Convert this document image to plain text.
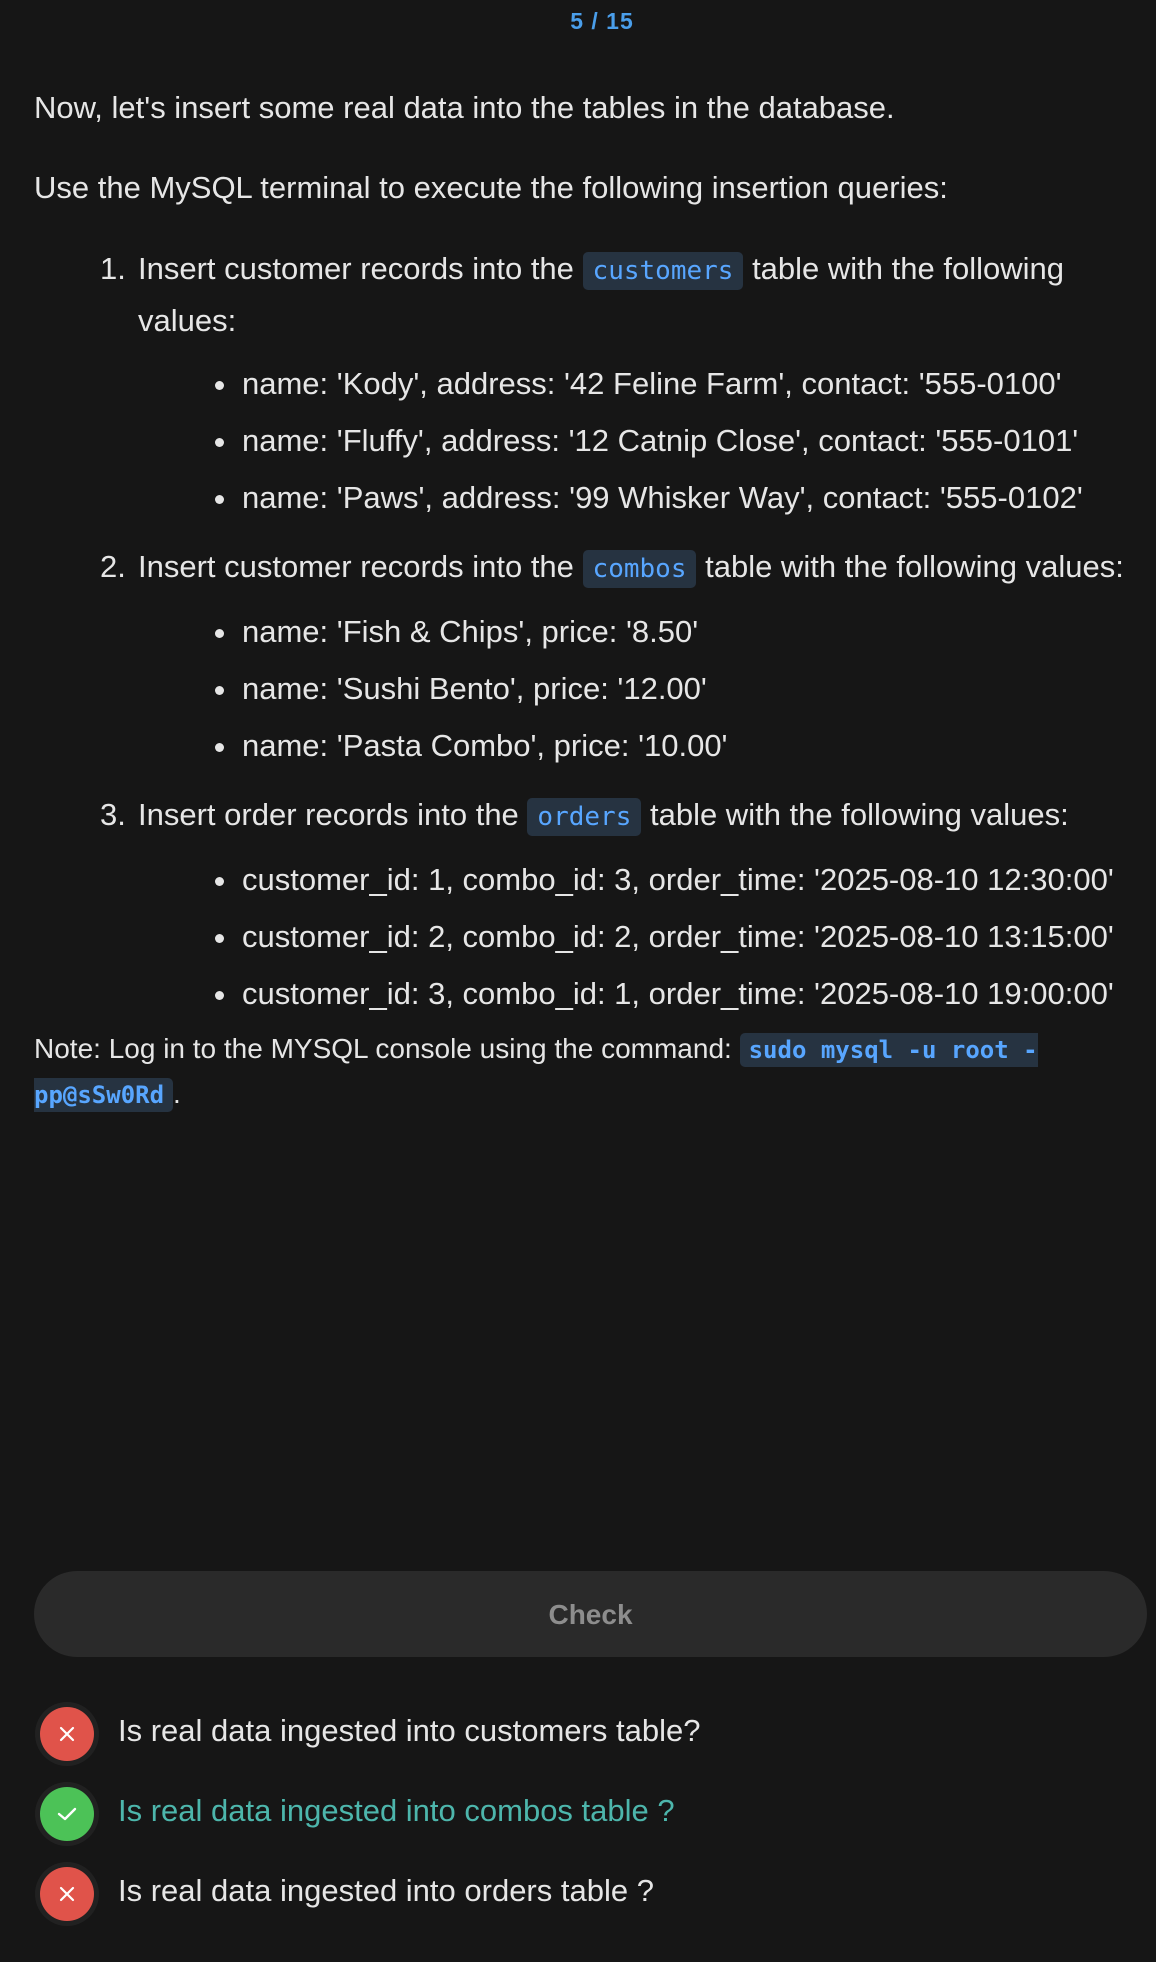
5 / 15

Now, let's insert some real data into the tables in the database.

Use the MySQL terminal to execute the following insertion queries:

1. Insert customer records into the customers table with the following values:
name: 'Kody', address: '42 Feline Farm', contact: '555-0100'
name: 'Fluffy', address: '12 Catnip Close', contact: '555-0101'
name: 'Paws', address: '99 Whisker Way', contact: '555-0102'
2. Insert customer records into the combos table with the following values:
name: 'Fish & Chips', price: '8.50'
name: 'Sushi Bento', price: '12.00'
name: 'Pasta Combo', price: '10.00'
3. Insert order records into the orders table with the following values:
customer_id: 1, combo_id: 3, order_time: '2025-08-10 12:30:00'
customer_id: 2, combo_id: 2, order_time: '2025-08-10 13:15:00'
customer_id: 3, combo_id: 1, order_time: '2025-08-10 19:00:00'
Note: Log in to the MYSQL console using the command: sudo mysql -u root -pp@sSw0Rd .
Check
Is real data ingested into customers table?
Is real data ingested into combos table ?
Is real data ingested into orders table ?
